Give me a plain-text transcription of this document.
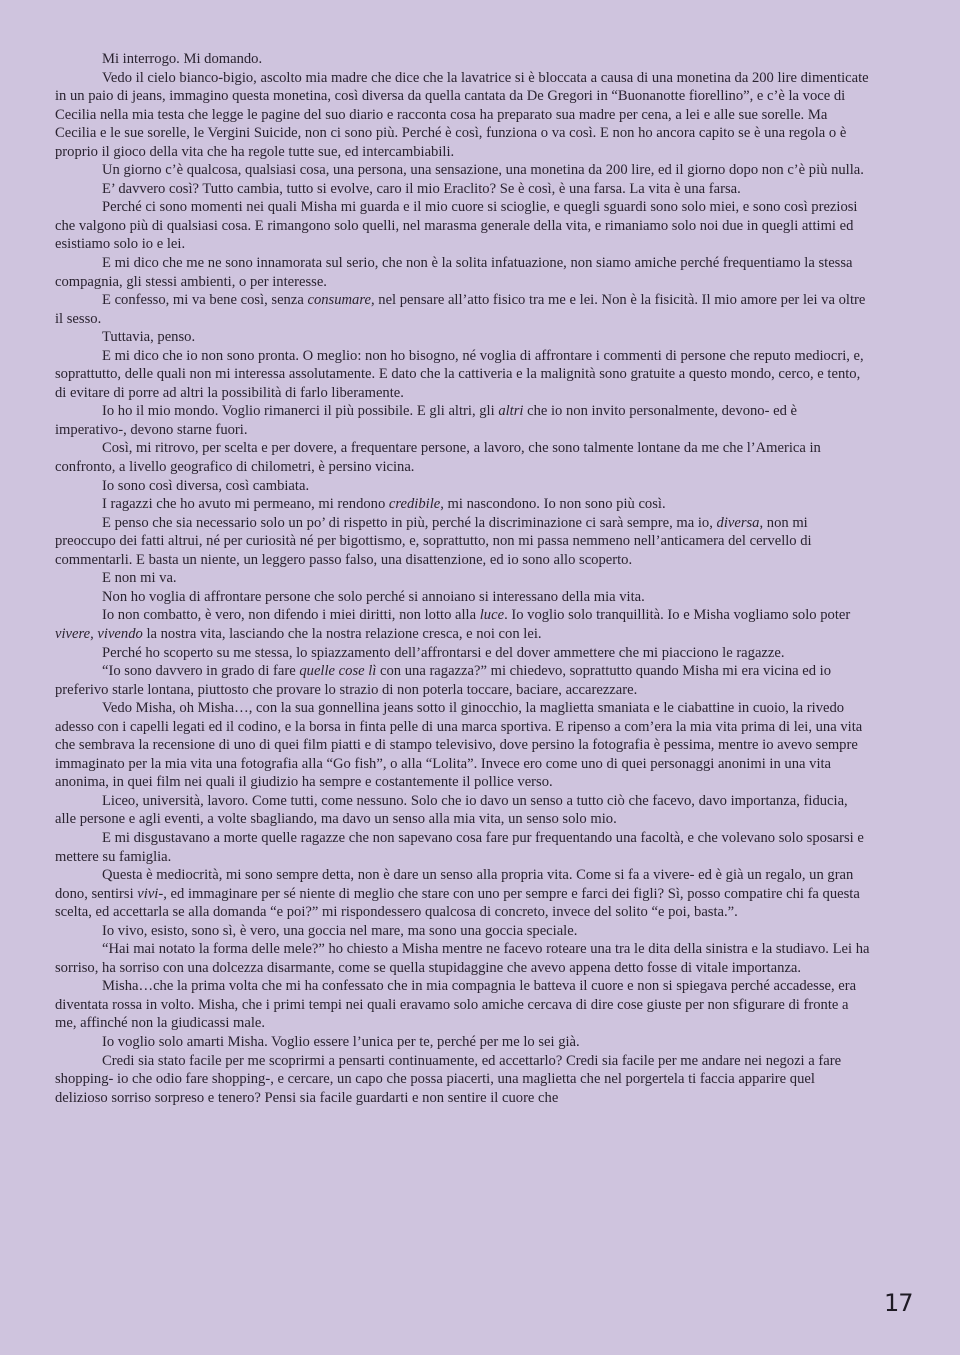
Mi interrogo. Mi domando.

Vedo il cielo bianco-bigio, ascolto mia madre che dice che la lavatrice si è bloccata a causa di una monetina da 200 lire dimenticate in un paio di jeans, immagino questa monetina, così diversa da quella cantata da De Gregori in “Buonanotte fiorellino”, e c’è la voce di Cecilia nella mia testa che legge le pagine del suo diario e racconta cosa ha preparato sua madre per cena, a lei e alle sue sorelle. Ma Cecilia e le sue sorelle, le Vergini Suicide, non ci sono più. Perché è così, funziona o va così. E non ho ancora capito se è una regola o è proprio il gioco della vita che ha regole tutte sue, ed intercambiabili.

Un giorno c’è qualcosa, qualsiasi cosa, una persona, una sensazione, una monetina da 200 lire, ed il giorno dopo non c’è più nulla.

E’ davvero così? Tutto cambia, tutto si evolve, caro il mio Eraclito? Se è così, è una farsa. La vita è una farsa.

Perché ci sono momenti nei quali Misha mi guarda e il mio cuore si scioglie, e quegli sguardi sono solo miei, e sono così preziosi che valgono più di qualsiasi cosa. E rimangono solo quelli, nel marasma generale della vita, e rimaniamo solo noi due in quegli attimi ed esistiamo solo io e lei.

E mi dico che me ne sono innamorata sul serio, che non è la solita infatuazione, non siamo amiche perché frequentiamo la stessa compagnia, gli stessi ambienti, o per interesse.

E confesso, mi va bene così, senza consumare, nel pensare all’atto fisico tra me e lei. Non è la fisicità. Il mio amore per lei va oltre il sesso.

Tuttavia, penso.

E mi dico che io non sono pronta. O meglio: non ho bisogno, né voglia di affrontare i commenti di persone che reputo mediocri, e, soprattutto, delle quali non mi interessa assolutamente. E dato che la cattiveria e la malignità sono gratuite a questo mondo, cerco, e tento, di evitare di porre ad altri la possibilità di farlo liberamente.

Io ho il mio mondo. Voglio rimanerci il più possibile. E gli altri, gli altri che io non invito personalmente, devono- ed è imperativo-, devono starne fuori.

Così, mi ritrovo, per scelta e per dovere, a frequentare persone, a lavoro, che sono talmente lontane da me che l’America in confronto, a livello geografico di chilometri, è persino vicina.

Io sono così diversa, così cambiata.

I ragazzi che ho avuto mi permeano, mi rendono credibile, mi nascondono. Io non sono più così.

E penso che sia necessario solo un po’ di rispetto in più, perché la discriminazione ci sarà sempre, ma io, diversa, non mi preoccupo dei fatti altrui, né per curiosità né per bigottismo, e, soprattutto, non mi passa nemmeno nell’anticamera del cervello di commentarli. E basta un niente, un leggero passo falso, una disattenzione, ed io sono allo scoperto.

E non mi va.

Non ho voglia di affrontare persone che solo perché si annoiano si interessano della mia vita.

Io non combatto, è vero, non difendo i miei diritti, non lotto alla luce. Io voglio solo tranquillità. Io e Misha vogliamo solo poter vivere, vivendo la nostra vita, lasciando che la nostra relazione cresca, e noi con lei.

Perché ho scoperto su me stessa, lo spiazzamento dell’affrontarsi e del dover ammettere che mi piacciono le ragazze.

“Io sono davvero in grado di fare quelle cose lì con una ragazza?” mi chiedevo, soprattutto quando Misha mi era vicina ed io preferivo starle lontana, piuttosto che provare lo strazio di non poterla toccare, baciare, accarezzare.

Vedo Misha, oh Misha…, con la sua gonnellina jeans sotto il ginocchio, la maglietta smaniata e le ciabattine in cuoio, la rivedo adesso con i capelli legati ed il codino, e la borsa in finta pelle di una marca sportiva. E ripenso a com’era la mia vita prima di lei, una vita che sembrava la recensione di uno di quei film piatti e di stampo televisivo, dove persino la fotografia è pessima, mentre io avevo sempre immaginato per la mia vita una fotografia alla “Go fish”, o alla “Lolita”. Invece ero come uno di quei personaggi anonimi in una vita anonima, in quei film nei quali il giudizio ha sempre e costantemente il pollice verso.

Liceo, università, lavoro. Come tutti, come nessuno. Solo che io davo un senso a tutto ciò che facevo, davo importanza, fiducia, alle persone e agli eventi, a volte sbagliando, ma davo un senso alla mia vita, un senso solo mio.

E mi disgustavano a morte quelle ragazze che non sapevano cosa fare pur frequentando una facoltà, e che volevano solo sposarsi e mettere su famiglia.

Questa è mediocrità, mi sono sempre detta, non è dare un senso alla propria vita. Come si fa a vivere- ed è già un regalo, un gran dono, sentirsi vivi-, ed immaginare per sé niente di meglio che stare con uno per sempre e farci dei figli? Sì, posso compatire chi fa questa scelta, ed accettarla se alla domanda “e poi?” mi rispondessero qualcosa di concreto, invece del solito “e poi, basta.”.

Io vivo, esisto, sono sì, è vero, una goccia nel mare, ma sono una goccia speciale.

“Hai mai notato la forma delle mele?” ho chiesto a Misha mentre ne facevo roteare una tra le dita della sinistra e la studiavo. Lei ha sorriso, ha sorriso con una dolcezza disarmante, come se quella stupidaggine che avevo appena detto fosse di vitale importanza.

Misha…che la prima volta che mi ha confessato che in mia compagnia le batteva il cuore e non si spiegava perché accadesse, era diventata rossa in volto. Misha, che i primi tempi nei quali eravamo solo amiche cercava di dire cose giuste per non sfigurare di fronte a me, affinché non la giudicassi male.

Io voglio solo amarti Misha. Voglio essere l’unica per te, perché per me lo sei già.

Credi sia stato facile per me scoprirmi a pensarti continuamente, ed accettarlo? Credi sia facile per me andare nei negozi a fare shopping- io che odio fare shopping-, e cercare, un capo che possa piacerti, una maglietta che nel porgertela ti faccia apparire quel delizioso sorriso sorpreso e tenero? Pensi sia facile guardarti e non sentire il cuore che

17
